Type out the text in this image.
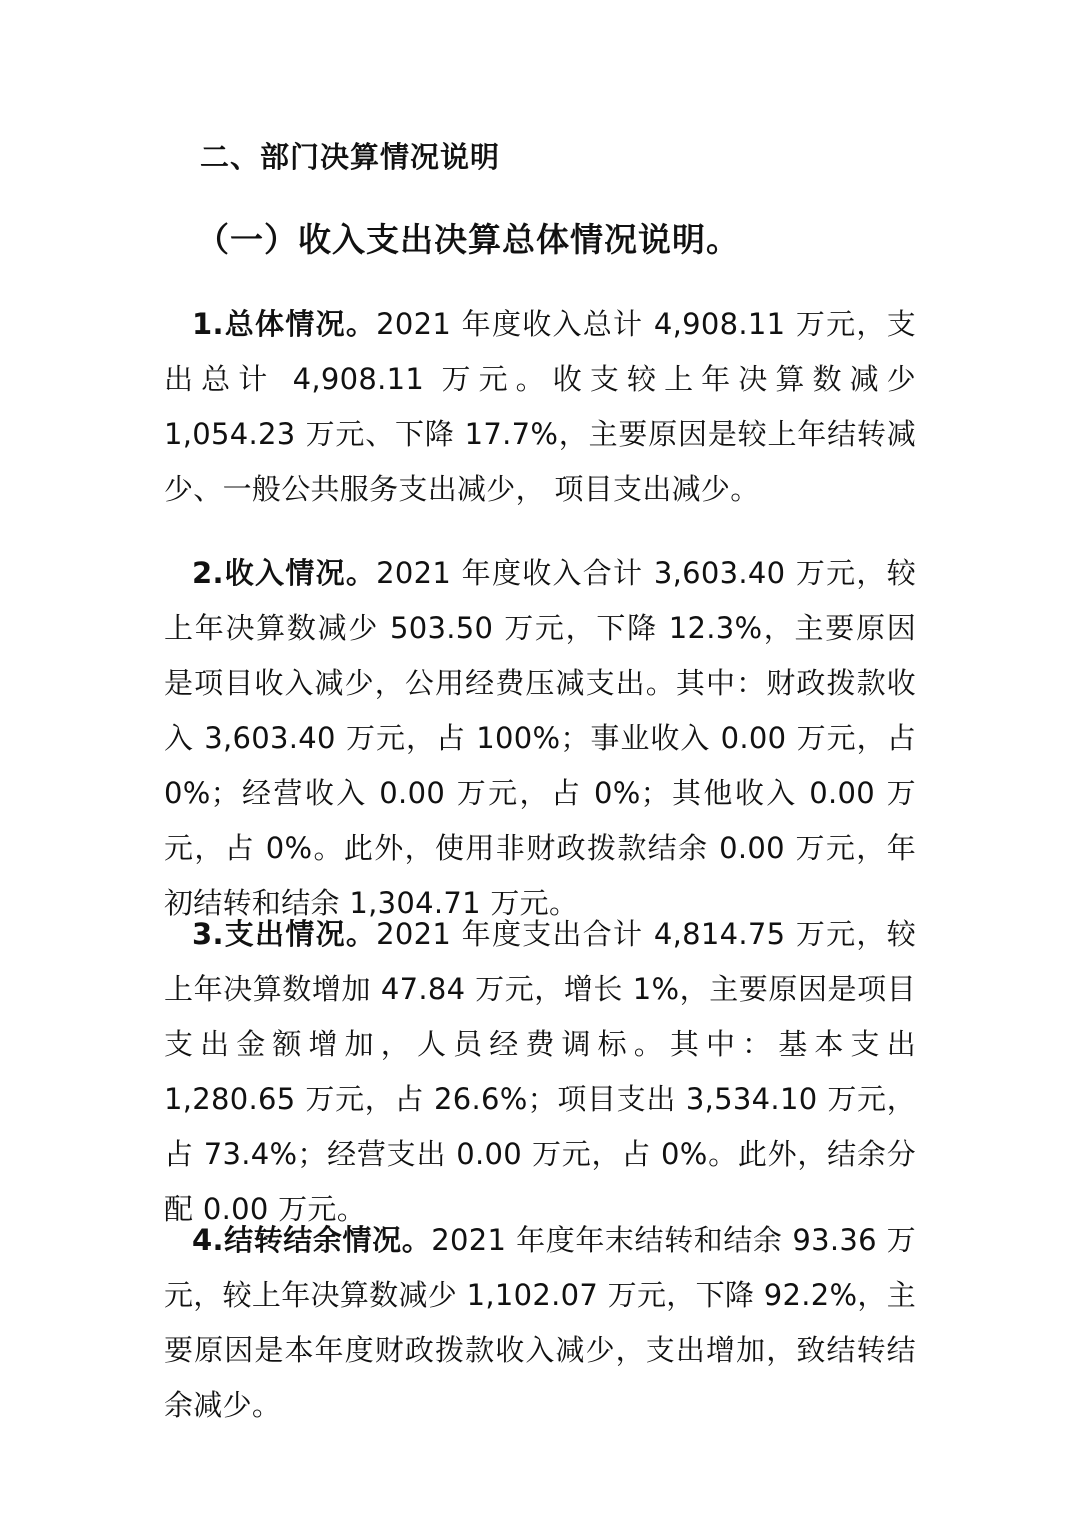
二、部门决算情况说明
（一）收入支出决算总体情况说明。
1.总体情况。2021 年度收入总计 4,908.11 万元，支出总计 4,908.11 万元。收支较上年决算数减少 1,054.23 万元、下降 17.7%，主要原因是较上年结转减少、一般公共服务支出减少， 项目支出减少。
2.收入情况。2021 年度收入合计 3,603.40 万元，较上年决算数减少 503.50 万元，下降 12.3%，主要原因是项目收入减少，公用经费压减支出。其中：财政拨款收入 3,603.40 万元，占 100%；事业收入 0.00 万元，占 0%；经营收入 0.00 万元，占 0%；其他收入 0.00 万元，占 0%。此外，使用非财政拨款结余 0.00 万元，年初结转和结余 1,304.71 万元。
3.支出情况。2021 年度支出合计 4,814.75 万元，较上年决算数增加 47.84 万元，增长 1%，主要原因是项目支出金额增加，人员经费调标。其中：基本支出 1,280.65 万元，占 26.6%；项目支出 3,534.10 万元，占 73.4%；经营支出 0.00 万元，占 0%。此外，结余分配 0.00 万元。
4.结转结余情况。2021 年度年末结转和结余 93.36 万元，较上年决算数减少 1,102.07 万元，下降 92.2%，主要原因是本年度财政拨款收入减少，支出增加，致结转结余减少。
